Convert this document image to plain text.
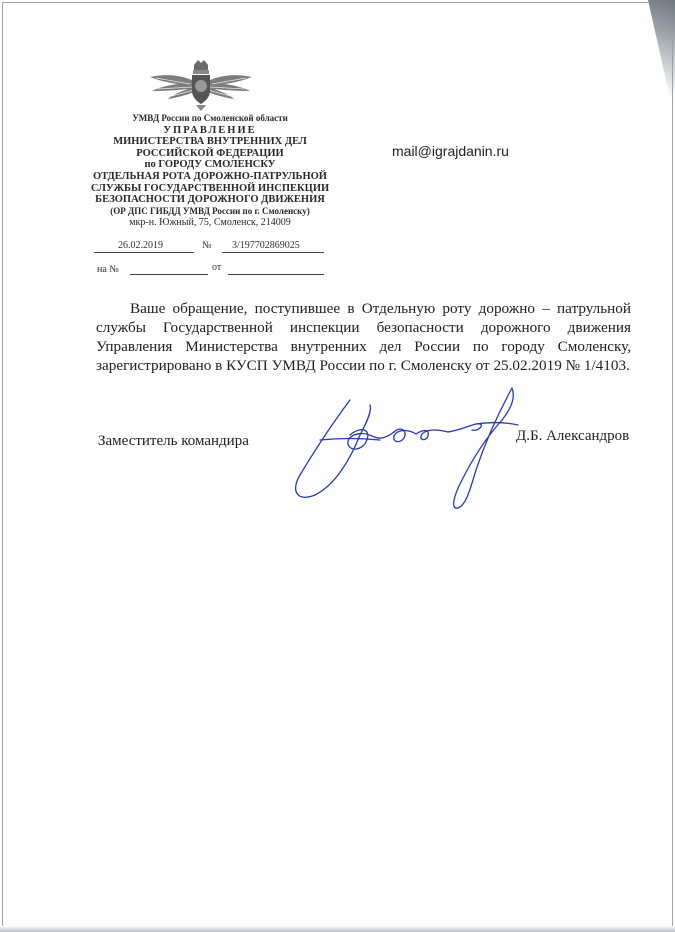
УМВД России по Смоленской области
УПРАВЛЕНИЕ
МИНИСТЕРСТВА ВНУТРЕННИХ ДЕЛ
РОССИЙСКОЙ ФЕДЕРАЦИИ
по ГОРОДУ СМОЛЕНСКУ
ОТДЕЛЬНАЯ РОТА ДОРОЖНО-ПАТРУЛЬНОЙ
СЛУЖБЫ ГОСУДАРСТВЕННОЙ ИНСПЕКЦИИ
БЕЗОПАСНОСТИ ДОРОЖНОГО ДВИЖЕНИЯ
(ОР ДПС ГИБДД УМВД России по г. Смоленску)
мкр-н. Южный, 75, Смоленск, 214009
26.02.2019	№ 3/197702869025
на №	от
mail@igrajdanin.ru
Ваше обращение, поступившее в Отдельную роту дорожно – патрульной службы Государственной инспекции безопасности дорожного движения Управления Министерства внутренних дел России по городу Смоленску, зарегистрировано в КУСП УМВД России по г. Смоленску от 25.02.2019 № 1/4103.
Заместитель командира	Д.Б. Александров
